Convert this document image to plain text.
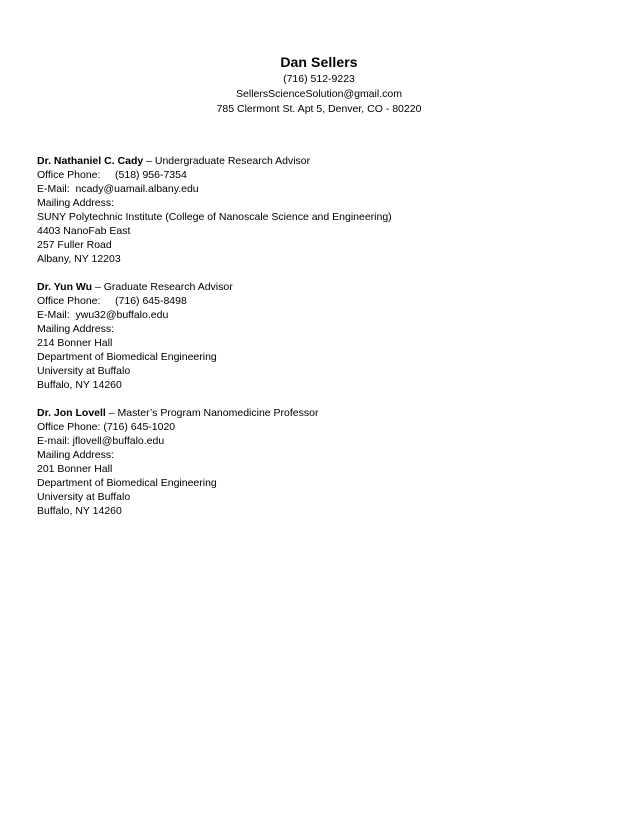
Dan Sellers
(716) 512-9223
SellersScienceSolution@gmail.com
785 Clermont St. Apt 5, Denver, CO - 80220
Dr. Nathaniel C. Cady – Undergraduate Research Advisor
Office Phone:     (518) 956-7354
E-Mail:  ncady@uamail.albany.edu
Mailing Address:
SUNY Polytechnic Institute (College of Nanoscale Science and Engineering)
4403 NanoFab East
257 Fuller Road
Albany, NY 12203
Dr. Yun Wu – Graduate Research Advisor
Office Phone:     (716) 645-8498
E-Mail:  ywu32@buffalo.edu
Mailing Address:
214 Bonner Hall
Department of Biomedical Engineering
University at Buffalo
Buffalo, NY 14260
Dr. Jon Lovell – Master’s Program Nanomedicine Professor
Office Phone: (716) 645-1020
E-mail: jflovell@buffalo.edu
Mailing Address:
201 Bonner Hall
Department of Biomedical Engineering
University at Buffalo
Buffalo, NY 14260
